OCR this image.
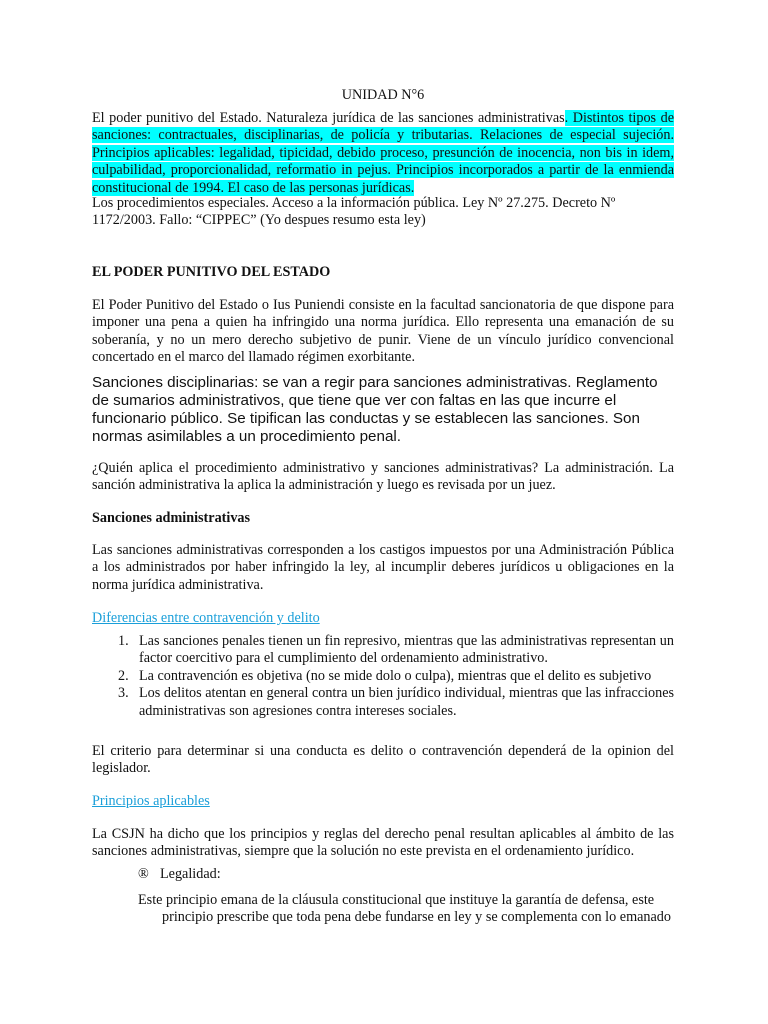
UNIDAD N°6

El poder punitivo del Estado. Naturaleza jurídica de las sanciones administrativas. Distintos tipos de sanciones: contractuales, disciplinarias, de policía y tributarias. Relaciones de especial sujeción. Principios aplicables: legalidad, tipicidad, debido proceso, presunción de inocencia, non bis in idem, culpabilidad, proporcionalidad, reformatio in pejus. Principios incorporados a partir de la enmienda constitucional de 1994. El caso de las personas jurídicas.

Los procedimientos especiales. Acceso a la información pública. Ley Nº 27.275. Decreto Nº 1172/2003. Fallo: “CIPPEC” (Yo despues resumo esta ley)

EL PODER PUNITIVO DEL ESTADO

El Poder Punitivo del Estado o Ius Puniendi consiste en la facultad sancionatoria de que dispone para imponer una pena a quien ha infringido una norma jurídica. Ello representa una emanación de su soberanía, y no un mero derecho subjetivo de punir. Viene de un vínculo jurídico convencional concertado en el marco del llamado régimen exorbitante.

Sanciones disciplinarias: se van a regir para sanciones administrativas. Reglamento de sumarios administrativos, que tiene que ver con faltas en las que incurre el funcionario público. Se tipifican las conductas y se establecen las sanciones. Son normas asimilables a un procedimiento penal.

¿Quién aplica el procedimiento administrativo y sanciones administrativas? La administración. La sanción administrativa la aplica la administración y luego es revisada por un juez.

Sanciones administrativas

Las sanciones administrativas corresponden a los castigos impuestos por una Administración Pública a los administrados por haber infringido la ley, al incumplir deberes jurídicos u obligaciones en la norma jurídica administrativa.

Diferencias entre contravención y delito

1. Las sanciones penales tienen un fin represivo, mientras que las administrativas representan un factor coercitivo para el cumplimiento del ordenamiento administrativo.
2. La contravención es objetiva (no se mide dolo o culpa), mientras que el delito es subjetivo
3. Los delitos atentan en general contra un bien jurídico individual, mientras que las infracciones administrativas son agresiones contra intereses sociales.

El criterio para determinar si una conducta es delito o contravención dependerá de la opinion del legislador.

Principios aplicables

La CSJN ha dicho que los principios y reglas del derecho penal resultan aplicables al ámbito de las sanciones administrativas, siempre que la solución no este prevista en el ordenamiento jurídico.

® Legalidad:

Este principio emana de la cláusula constitucional que instituye la garantía de defensa, este
principio prescribe que toda pena debe fundarse en ley y se complementa con lo emanado
